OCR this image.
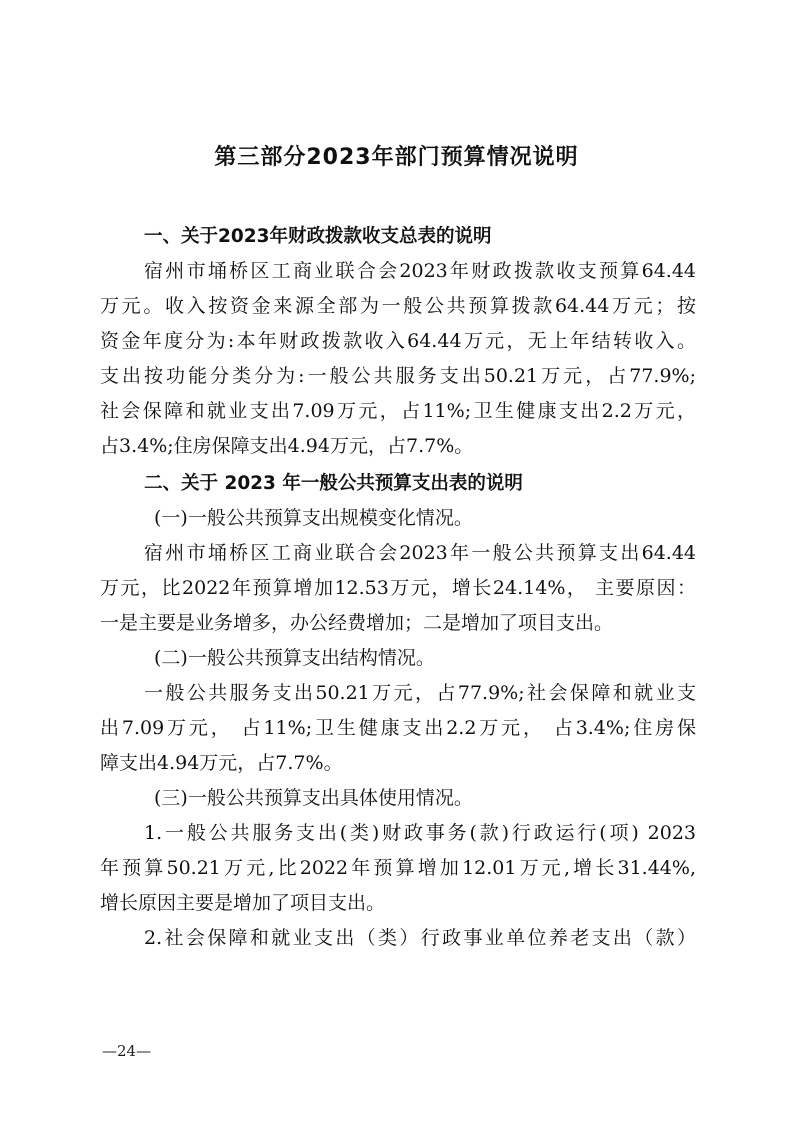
第三部分2023年部门预算情况说明
一、关于2023年财政拨款收支总表的说明
宿州市埇桥区工商业联合会2023年财政拨款收支预算64.44
万元。收入按资金来源全部为一般公共预算拨款64.44万元；按
资金年度分为:本年财政拨款收入64.44万元，无上年结转收入。
支出按功能分类分为:一般公共服务支出50.21万元，占77.9%;
社会保障和就业支出7.09万元，占11%;卫生健康支出2.2万元，
占3.4%;住房保障支出4.94万元，占7.7%。
二、关于 2023 年一般公共预算支出表的说明
(一)一般公共预算支出规模变化情况。
宿州市埇桥区工商业联合会2023年一般公共预算支出64.44
万元，比2022年预算增加12.53万元，增长24.14%， 主要原因：
一是主要是业务增多，办公经费增加；二是增加了项目支出。
(二)一般公共预算支出结构情况。
一般公共服务支出50.21万元，占77.9%;社会保障和就业支
出7.09万元， 占11%;卫生健康支出2.2万元， 占3.4%;住房保
障支出4.94万元，占7.7%。
(三)一般公共预算支出具体使用情况。
1.一般公共服务支出(类)财政事务(款)行政运行(项) 2023
年预算50.21万元,比2022年预算增加12.01万元,增长31.44%,
增长原因主要是增加了项目支出。
2.社会保障和就业支出（类）行政事业单位养老支出（款）
—24—
